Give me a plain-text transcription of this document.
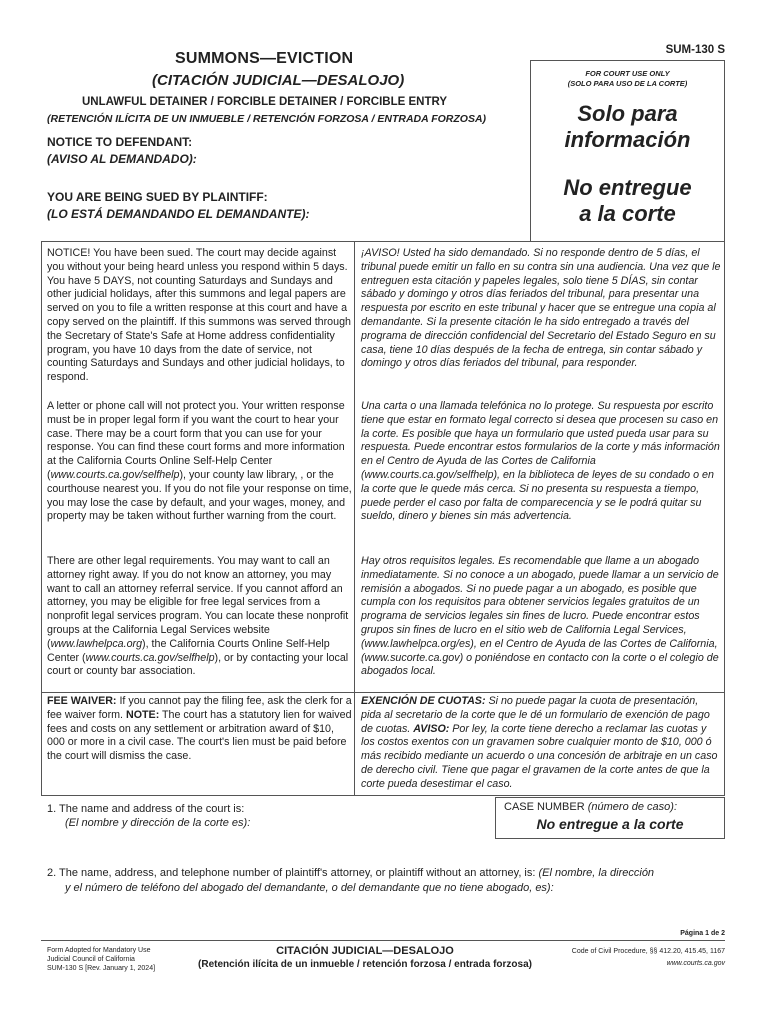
SUM-130 S
SUMMONS—EVICTION
(CITACIÓN JUDICIAL—DESALOJO)
UNLAWFUL DETAINER / FORCIBLE DETAINER / FORCIBLE ENTRY
(RETENCIÓN ILÍCITA DE UN INMUEBLE / RETENCIÓN FORZOSA / ENTRADA FORZOSA)
NOTICE TO DEFENDANT:
(AVISO AL DEMANDADO):
YOU ARE BEING SUED BY PLAINTIFF:
(LO ESTÁ DEMANDANDO EL DEMANDANTE):
FOR COURT USE ONLY
(SOLO PARA USO DE LA CORTE)
Solo para
información
No entregue
a la corte
NOTICE! You have been sued. The court may decide against you without your being heard unless you respond within 5 days. You have 5 DAYS, not counting Saturdays and Sundays and other judicial holidays, after this summons and legal papers are served on you to file a written response at this court and have a copy served on the plaintiff. If this summons was served through the Secretary of State's Safe at Home address confidentiality program, you have 10 days from the date of service, not counting Saturdays and Sundays and other judicial holidays, to respond.
¡AVISO! Usted ha sido demandado. Si no responde dentro de 5 días, el tribunal puede emitir un fallo en su contra sin una audiencia. Una vez que le entreguen esta citación y papeles legales, solo tiene 5 DÍAS, sin contar sábado y domingo y otros días feriados del tribunal, para presentar una respuesta por escrito en este tribunal y hacer que se entregue una copia al demandante. Si la presente citación le ha sido entregado a través del programa de dirección confidencial del Secretario del Estado Seguro en su casa, tiene 10 días después de la fecha de entrega, sin contar sábado y domingo y otros días feriados del tribunal, para responder.
A letter or phone call will not protect you. Your written response must be in proper legal form if you want the court to hear your case. There may be a court form that you can use for your response. You can find these court forms and more information at the California Courts Online Self-Help Center (www.courts.ca.gov/selfhelp), your county law library, , or the courthouse nearest you. If you do not file your response on time, you may lose the case by default, and your wages, money, and property may be taken without further warning from the court.
Una carta o una llamada telefónica no lo protege. Su respuesta por escrito tiene que estar en formato legal correcto si desea que procesen su caso en la corte. Es posible que haya un formulario que usted pueda usar para su respuesta. Puede encontrar estos formularios de la corte y más información en el Centro de Ayuda de las Cortes de California (www.courts.ca.gov/selfhelp), en la biblioteca de leyes de su condado o en la corte que le quede más cerca. Si no presenta su respuesta a tiempo, puede perder el caso por falta de comparecencia y se le podrá quitar su sueldo, dinero y bienes sin más advertencia.
There are other legal requirements. You may want to call an attorney right away. If you do not know an attorney, you may want to call an attorney referral service. If you cannot afford an attorney, you may be eligible for free legal services from a nonprofit legal services program. You can locate these nonprofit groups at the California Legal Services website (www.lawhelpca.org), the California Courts Online Self-Help Center (www.courts.ca.gov/selfhelp), or by contacting your local court or county bar association.
Hay otros requisitos legales. Es recomendable que llame a un abogado inmediatamente. Si no conoce a un abogado, puede llamar a un servicio de remisión a abogados. Si no puede pagar a un abogado, es posible que cumpla con los requisitos para obtener servicios legales gratuitos de un programa de servicios legales sin fines de lucro. Puede encontrar estos grupos sin fines de lucro en el sitio web de California Legal Services, (www.lawhelpca.org/es), en el Centro de Ayuda de las Cortes de California, (www.sucorte.ca.gov) o poniéndose en contacto con la corte o el colegio de abogados local.
FEE WAIVER: If you cannot pay the filing fee, ask the clerk for a fee waiver form. NOTE: The court has a statutory lien for waived fees and costs on any settlement or arbitration award of $10, 000 or more in a civil case. The court's lien must be paid before the court will dismiss the case.
EXENCIÓN DE CUOTAS: Si no puede pagar la cuota de presentación, pida al secretario de la corte que le dé un formulario de exención de pago de cuotas. AVISO: Por ley, la corte tiene derecho a reclamar las cuotas y los costos exentos con un gravamen sobre cualquier monto de $10, 000 ó más recibido mediante un acuerdo o una concesión de arbitraje en un caso de derecho civil. Tiene que pagar el gravamen de la corte antes de que la corte pueda desestimar el caso.
1. The name and address of the court is:
(El nombre y dirección de la corte es):
CASE NUMBER (número de caso):
No entregue a la corte
2. The name, address, and telephone number of plaintiff's attorney, or plaintiff without an attorney, is: (El nombre, la dirección
y el número de teléfono del abogado del demandante, o del demandante que no tiene abogado, es):
Página 1 de 2
Form Adopted for Mandatory Use
Judicial Council of California
SUM-130 S [Rev. January 1, 2024]
CITACIÓN JUDICIAL—DESALOJO
(Retención ilícita de un inmueble / retención forzosa / entrada forzosa)
Code of Civil Procedure, §§ 412.20, 415.45, 1167
www.courts.ca.gov
